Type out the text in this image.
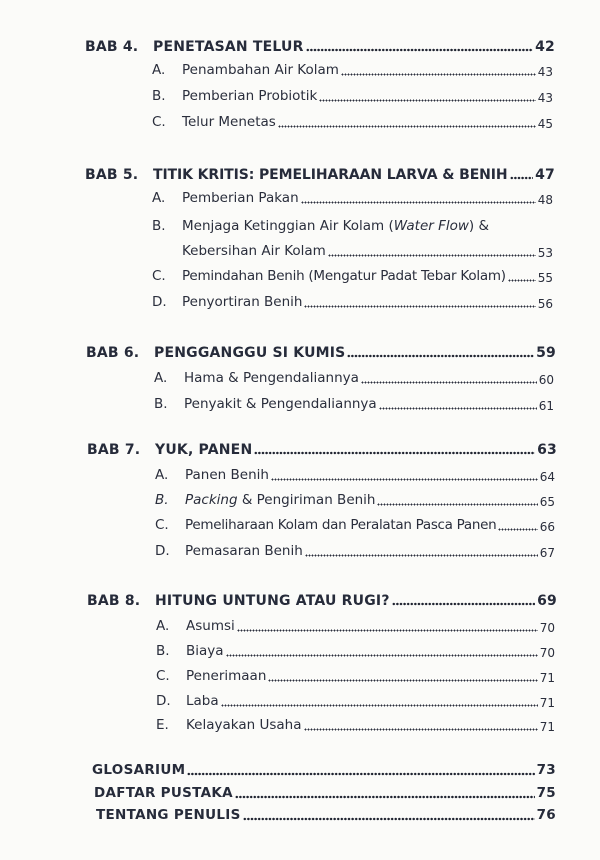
BAB 4.	PENETASAN TELUR	42
A.	Penambahan Air Kolam	43
B.	Pemberian Probiotik	43
C.	Telur Menetas	45
BAB 5.	TITIK KRITIS: PEMELIHARAAN LARVA & BENIH 47
A.	Pemberian Pakan	48
B. Menjaga Ketinggian Air Kolam (Water Flow) &
Kebersihan Air Kolam	53
C.	Pemindahan Benih (Mengatur Padat Tebar Kolam)	55
D.	Penyortiran Benih	56
BAB 6.	PENGGANGGU SI KUMIS	59
A.	Hama & Pengendaliannya	60
B.	Penyakit & Pengendaliannya	61
BAB 7.	YUK, PANEN	63
A.	Panen Benih	64
B.	Packing & Pengiriman Benih	65
C.	Pemeliharaan Kolam dan Peralatan Pasca Panen	66
D.	Pemasaran Benih	67
BAB 8.	HITUNG UNTUNG ATAU RUGI?	69
A.	Asumsi	70
B.	Biaya	70
C.	Penerimaan	71
D.	Laba	71
E.	Kelayakan Usaha	71
GLOSARIUM	73
DAFTAR PUSTAKA	75
TENTANG PENULIS	76
